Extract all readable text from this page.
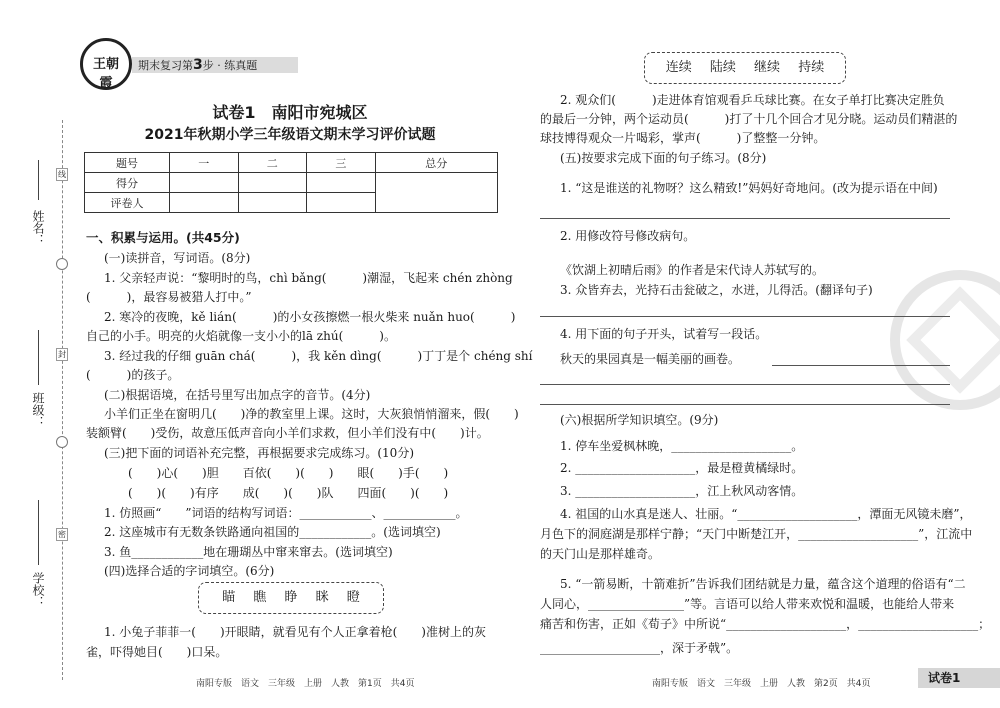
姓名：
班级：
学校：
线
封
密
王朝霞
期末复习第3步 · 练真题
试卷1　南阳市宛城区
2021年秋期小学三年级语文期末学习评价试题
题号	一	二	三	总分
得分				
评卷人				
一、积累与运用。(共45分)
(一)读拼音，写词语。(8分)
1. 父亲轻声说：“黎明时的鸟，chì bǎng(　　　)潮湿，飞起来 chén zhòng
(　　　)，最容易被猎人打中。”
2. 寒冷的夜晚，kě lián(　　　)的小女孩擦燃一根火柴来 nuǎn huo(　　　)
自己的小手。明亮的火焰就像一支小小的lā zhú(　　　)。
3. 经过我的仔细 guān chá(　　　)，我 kěn dìng(　　　)丁丁是个 chéng shí
(　　　)的孩子。
(二)根据语境，在括号里写出加点字的音节。(4分)
小羊们正坐在窗明几(　　)净的教室里上课。这时，大灰狼悄悄溜来，假(　　)
装额臂(　　)受伤，故意压低声音向小羊们求救，但小羊们没有中(　　)计。
(三)把下面的词语补充完整，再根据要求完成练习。(10分)
(　　)心(　　)胆　　百依(　　)(　　)　　眼(　　)手(　　)
(　　)(　　)有序　　成(　　)(　　)队　　四面(　　)(　　)
1. 仿照画“　　”词语的结构写词语：____________、____________。
2. 这座城市有无数条铁路通向祖国的____________。(选词填空)
3. 鱼____________地在珊瑚丛中窜来窜去。(选词填空)
(四)选择合适的字词填空。(6分)
瞄 瞧 睁 眯 瞪
1. 小兔子菲菲一(　　)开眼睛，就看见有个人正拿着枪(　　)准树上的灰
雀，吓得她目(　　)口呆。
南阳专版　语文　三年级　上册　人教　第1页　共4页
连续 陆续 继续 持续
2. 观众们(　　　)走进体育馆观看乒乓球比赛。在女子单打比赛决定胜负
的最后一分钟，两个运动员(　　　)打了十几个回合才见分晓。运动员们精湛的
球技博得观众一片喝彩，掌声(　　　)了整整一分钟。
(五)按要求完成下面的句子练习。(8分)
1. “这是谁送的礼物呀？这么精致!”妈妈好奇地问。(改为提示语在中间)
2. 用修改符号修改病句。
《饮湖上初晴后雨》的作者是宋代诗人苏轼写的。
3. 众皆弃去，光持石击瓮破之，水迸，儿得活。(翻译句子)
4. 用下面的句子开头，试着写一段话。
秋天的果园真是一幅美丽的画卷。
(六)根据所学知识填空。(9分)
1. 停车坐爱枫林晚，____________________。
2. ____________________，最是橙黄橘绿时。
3. ____________________，江上秋风动客情。
4. 祖国的山水真是迷人、壮丽。“____________________，潭面无风镜未磨”，
月色下的洞庭湖是那样宁静；“天门中断楚江开，____________________”，江流中
的天门山是那样雄奇。
5. “一箭易断，十箭难折”告诉我们团结就是力量，蕴含这个道理的俗语有“二
人同心，________________”等。言语可以给人带来欢悦和温暖，也能给人带来
痛苦和伤害，正如《荀子》中所说“____________________，____________________；
____________________，深于矛戟”。
南阳专版　语文　三年级　上册　人教　第2页　共4页	试卷1
